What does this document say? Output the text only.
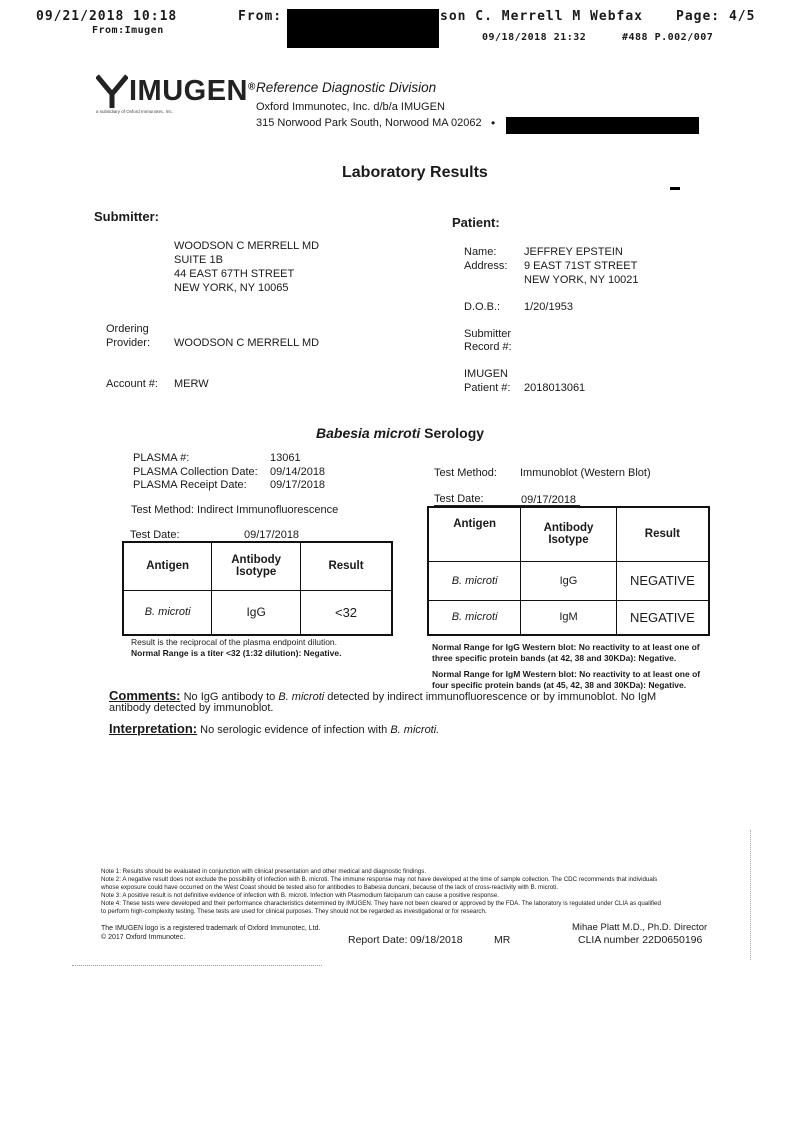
09/21/2018 10:18	From:	son C. Merrell M Webfax	Page: 4/5
From:Imugen
09/18/2018 21:32	#488 P.002/007
IMUGEN®
a subsidiary of Oxford Immunotec, Inc.
Reference Diagnostic Division
Oxford Immunotec, Inc. d/b/a IMUGEN
315 Norwood Park South, Norwood MA 02062 •
Laboratory Results
Submitter:
WOODSON C MERRELL MD
SUITE 1B
44 EAST 67TH STREET
NEW YORK, NY 10065
Ordering
Provider: WOODSON C MERRELL MD
Account #: MERW
Patient:
Name:	JEFFREY EPSTEIN
Address: 9 EAST 71ST STREET
NEW YORK, NY 10021
D.O.B.: 1/20/1953
Submitter
Record #:
IMUGEN
Patient #: 2018013061
Babesia microti Serology
PLASMA #:	13061
PLASMA Collection Date: 09/14/2018
PLASMA Receipt Date: 09/17/2018
Test Method: Indirect Immunofluorescence
Test Date:	09/17/2018
Antigen	Antibody Isotype	Result
B. microti	IgG	<32
Result is the reciprocal of the plasma endpoint dilution.
Normal Range is a titer <32 (1:32 dilution): Negative.
Test Method: Immunoblot (Western Blot)
Test Date:	09/17/2018
Antigen	Antibody Isotype	Result
B. microti	IgG	NEGATIVE
B. microti	IgM	NEGATIVE
Normal Range for IgG Western blot: No reactivity to at least one of
three specific protein bands (at 42, 38 and 30KDa): Negative.
Normal Range for IgM Western blot: No reactivity to at least one of
four specific protein bands (at 45, 42, 38 and 30KDa): Negative.
Comments: No IgG antibody to B. microti detected by indirect immunofluorescence or by immunoblot. No IgM
antibody detected by immunoblot.
Interpretation: No serologic evidence of infection with B. microti.
Note 1: Results should be evaluated in conjunction with clinical presentation and other medical and diagnostic findings.
Note 2: A negative result does not exclude the possibility of infection with B. microti. The immune response may not have developed at the time of sample collection. The CDC recommends that individuals
whose exposure could have occurred on the West Coast should be tested also for antibodies to Babesia duncani, because of the lack of cross-reactivity with B. microti.
Note 3: A positive result is not definitive evidence of infection with B. microti. Infection with Plasmodium falciparum can cause a positive response.
Note 4: These tests were developed and their performance characteristics determined by IMUGEN. They have not been cleared or approved by the FDA. The laboratory is regulated under CLIA as qualified
to perform high-complexity testing. These tests are used for clinical purposes. They should not be regarded as investigational or for research.
The IMUGEN logo is a registered trademark of Oxford Immunotec, Ltd.
© 2017 Oxford Immunotec.	Report Date: 09/18/2018	MR
Mihae Platt M.D., Ph.D. Director
CLIA number 22D0650196
